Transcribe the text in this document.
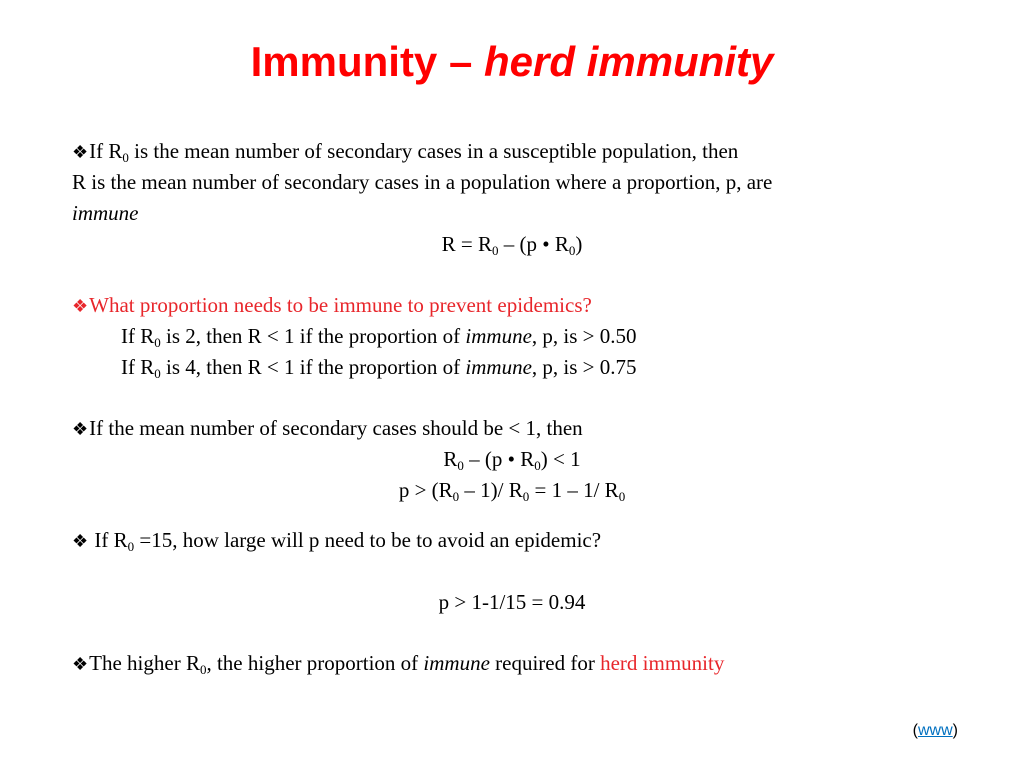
Immunity – herd immunity
❖If $R_0$ is the mean number of secondary cases in a susceptible population, then
R is the mean number of secondary cases in a population where a proportion, p, are
immune
$R = R_0 - (p$ • $R_0$)
❖What proportion needs to be immune to prevent epidemics?
If $R_0$ is 2, then R < 1 if the proportion of immune, p, is > 0.50
If $R_0$ is 4, then R < 1 if the proportion of immune, p, is > 0.75
❖If the mean number of secondary cases should be < 1, then
$R_0 - (p$ • $R_0) < 1$
$p > (R_0 - 1)/$ $R_0 = 1 - 1/$ $R_0$
❖ If $R_0 =15$, how large will p need to be to avoid an epidemic?
p > 1-1/15 = 0.94
❖The higher $R_0$, the higher proportion of immune required for herd immunity
(www)
